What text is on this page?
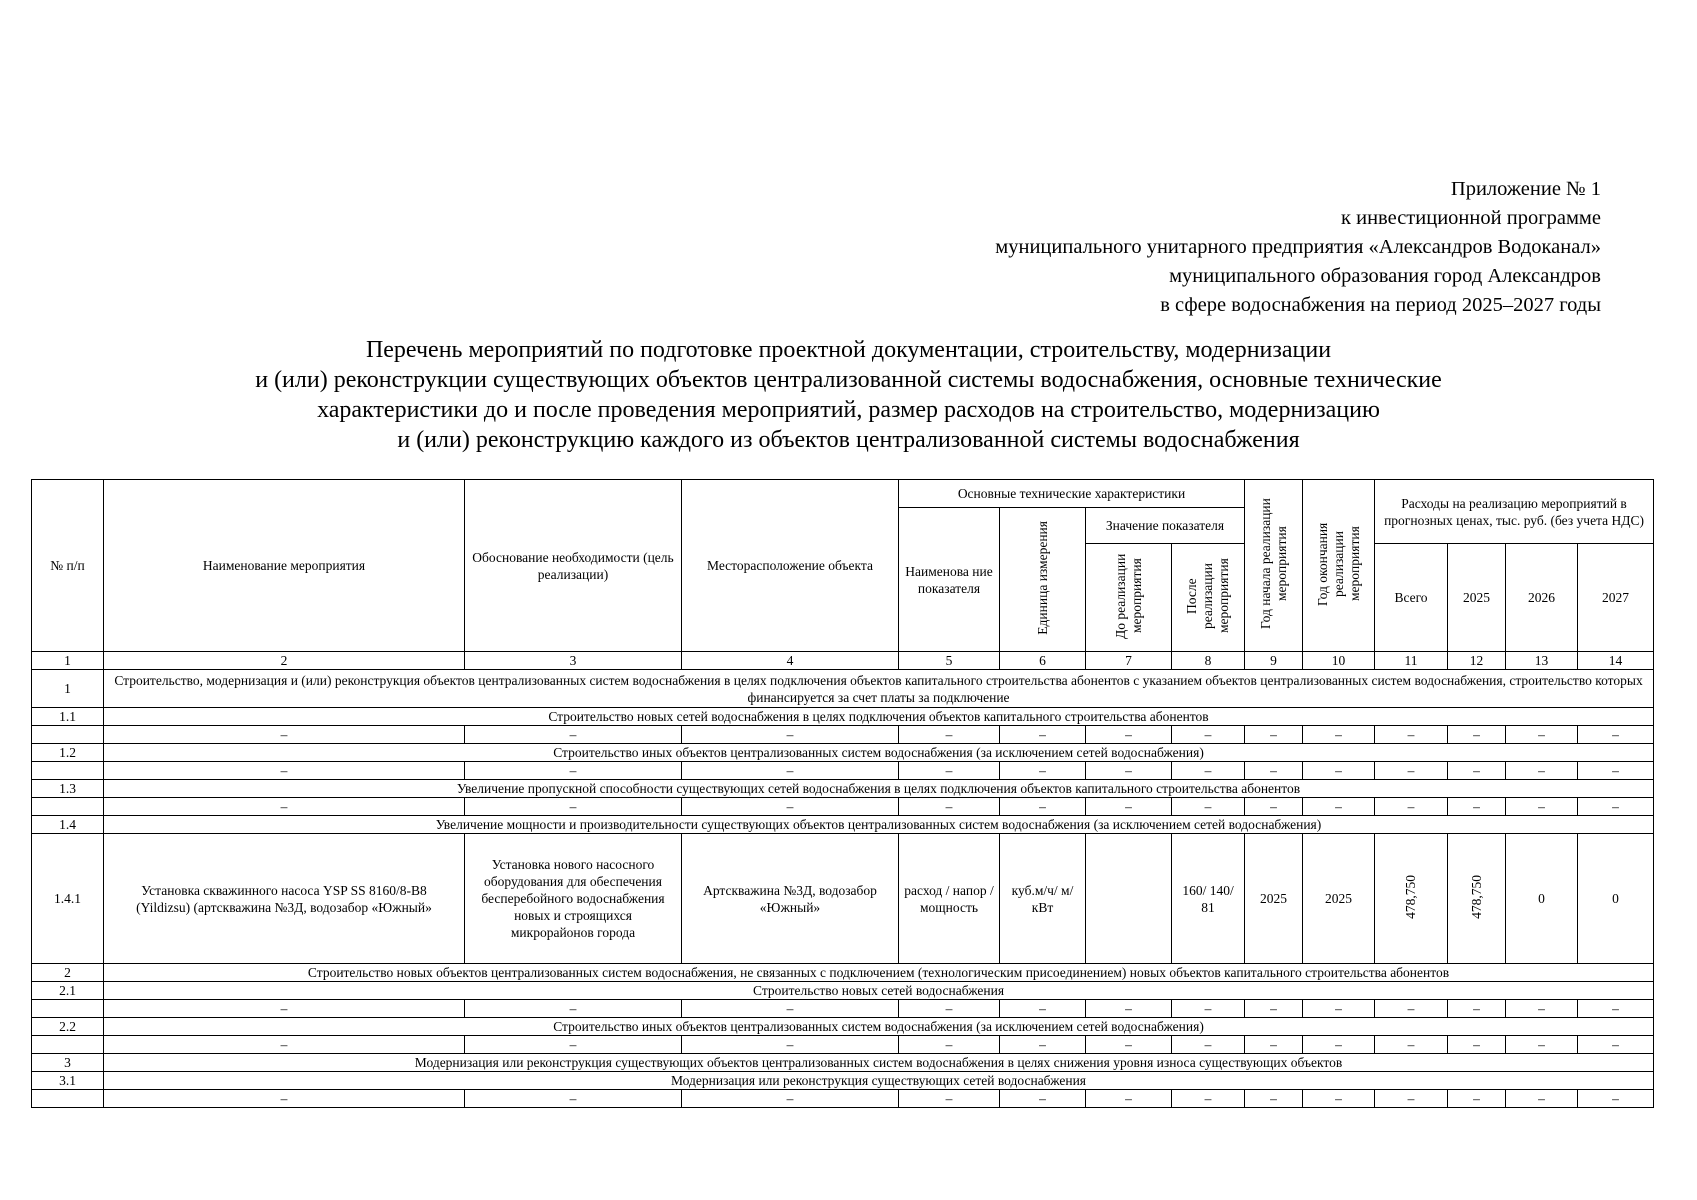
Приложение № 1
к инвестиционной программе
муниципального унитарного предприятия «Александров Водоканал»
муниципального образования город Александров
в сфере водоснабжения на период 2025–2027 годы
Перечень мероприятий по подготовке проектной документации, строительству, модернизации
и (или) реконструкции существующих объектов централизованной системы водоснабжения, основные технические
характеристики до и после проведения мероприятий, размер расходов на строительство, модернизацию
и (или) реконструкцию каждого из объектов централизованной системы водоснабжения
№ п/п	Наименование мероприятия	Обоснование необходимости (цель реализации)	Месторасположение объекта	Основные технические характеристики				Год начала реализации мероприятия	Год окончания реализации мероприятия	Расходы на реализацию мероприятий в прогнозных ценах, тыс. руб. (без учета НДС)			
				Наименова ние показателя	Единица измерения	Значение показателя							
						До реализации мероприятия	После реализации мероприятия			Всего	2025	2026	2027
1	2	3	4	5	6	7	8	9	10	11	12	13	14
1	Строительство, модернизация и (или) реконструкция объектов централизованных систем водоснабжения в целях подключения объектов капитального строительства абонентов с указанием объектов централизованных систем водоснабжения, строительство которых финансируется за счет платы за подключение												
1.1	Строительство новых сетей водоснабжения в целях подключения объектов капитального строительства абонентов												
	–	–	–	–	–	–	–	–	–	–	–	–	–
1.2	Строительство иных объектов централизованных систем водоснабжения (за исключением сетей водоснабжения)												
	–	–	–	–	–	–	–	–	–	–	–	–	–
1.3	Увеличение пропускной способности существующих сетей водоснабжения в целях подключения объектов капитального строительства абонентов												
	–	–	–	–	–	–	–	–	–	–	–	–	–
1.4	Увеличение мощности и производительности существующих объектов централизованных систем водоснабжения (за исключением сетей водоснабжения)												
1.4.1	Установка скважинного насоса YSP SS 8160/8-B8 (Yildizsu) (артскважина №3Д, водозабор «Южный»	Установка нового насосного оборудования для обеспечения бесперебойного водоснабжения новых и строящихся микрорайонов города	Артскважина №3Д, водозабор «Южный»	расход / напор / мощность	куб.м/ч/ м/ кВт		160/ 140/ 81	2025	2025	478,750	478,750	0	0
2	Строительство новых объектов централизованных систем водоснабжения, не связанных с подключением (технологическим присоединением) новых объектов капитального строительства абонентов												
2.1	Строительство новых сетей водоснабжения												
	–	–	–	–	–	–	–	–	–	–	–	–	–
2.2	Строительство иных объектов централизованных систем водоснабжения (за исключением сетей водоснабжения)												
	–	–	–	–	–	–	–	–	–	–	–	–	–
3	Модернизация или реконструкция существующих объектов централизованных систем водоснабжения в целях снижения уровня износа существующих объектов												
3.1	Модернизация или реконструкция существующих сетей водоснабжения												
	–	–	–	–	–	–	–	–	–	–	–	–	–
